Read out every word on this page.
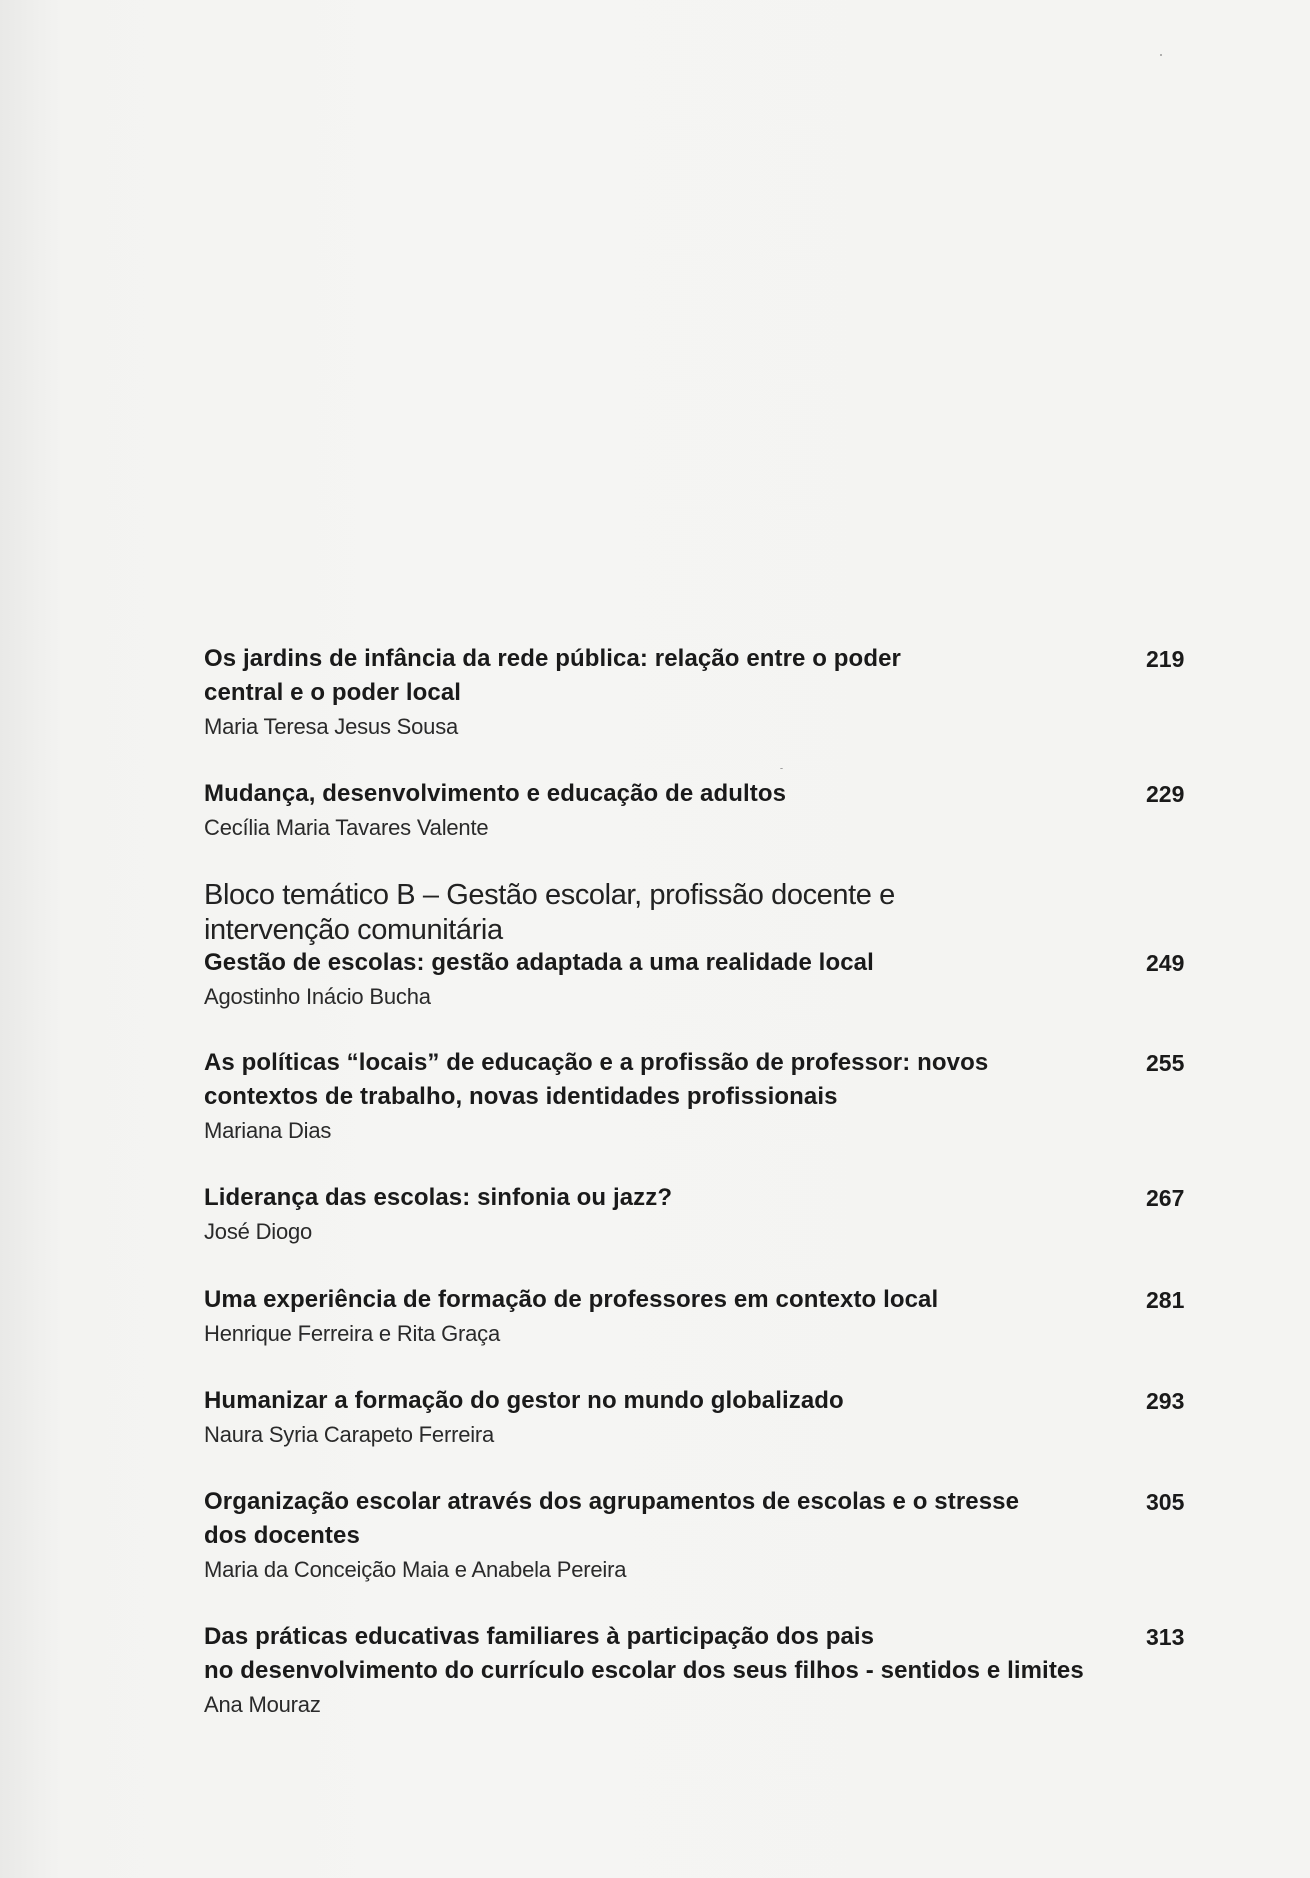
Os jardins de infância da rede pública: relação entre o poder
central e o poder local
Maria Teresa Jesus Sousa
219
Mudança, desenvolvimento e educação de adultos
Cecília Maria Tavares Valente
229
Bloco temático B – Gestão escolar, profissão docente e
intervenção comunitária
Gestão de escolas: gestão adaptada a uma realidade local
Agostinho Inácio Bucha
249
As políticas “locais” de educação e a profissão de professor: novos
contextos de trabalho, novas identidades profissionais
Mariana Dias
255
Liderança das escolas: sinfonia ou jazz?
José Diogo
267
Uma experiência de formação de professores em contexto local
Henrique Ferreira e Rita Graça
281
Humanizar a formação do gestor no mundo globalizado
Naura Syria Carapeto Ferreira
293
Organização escolar através dos agrupamentos de escolas e o stresse
dos docentes
Maria da Conceição Maia e Anabela Pereira
305
Das práticas educativas familiares à participação dos pais
no desenvolvimento do currículo escolar dos seus filhos - sentidos e limites
Ana Mouraz
313
